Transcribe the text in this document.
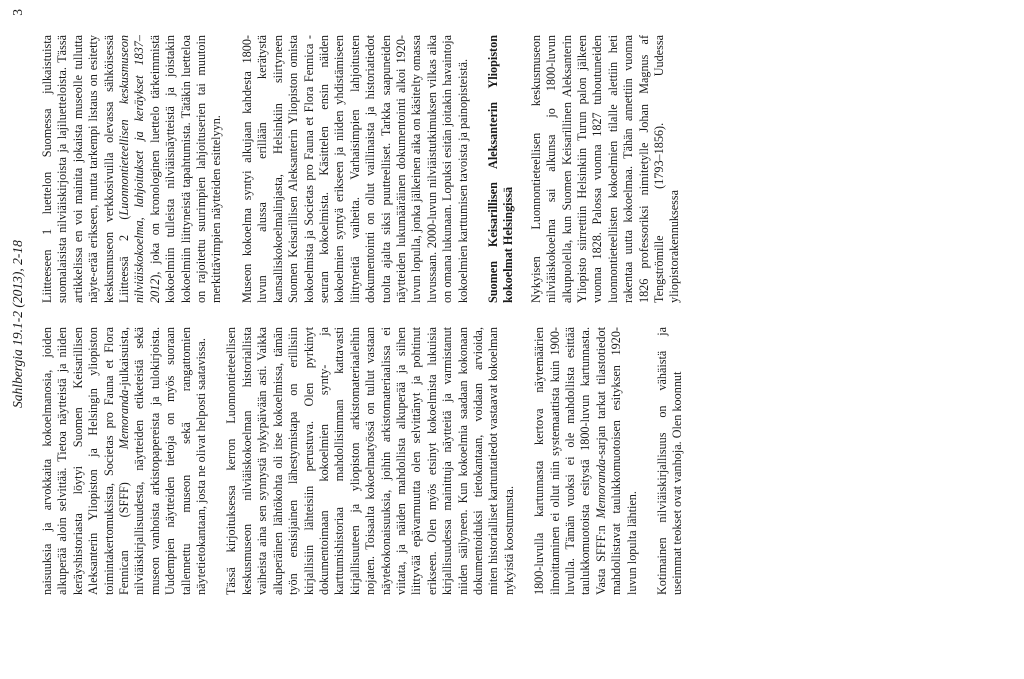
Sahlbergia 19.1-2 (2013), 2-18
3

naisuuksia ja arvokkaita kokoelmanosia, joiden alkuperää aloin selvittää. Tietoa näytteistä ja niiden keräyshistoriasta löytyi Suomen Keisarillisen Aleksanterin Yliopiston ja Helsingin yliopiston toimintakertomuksista, Societas pro Fauna et Flora Fennican (SFFF) Memoranda-julkaisuista, nilviäiskirjallisuudesta, näytteiden etiketeistä sekä museon vanhoista arkistopapereista ja tulokirjoista. Uudempien näytteiden tietoja on myös suoraan tallennettu museon sekä rangattomien näytetietokantaan, josta ne olivat helposti saatavissa. Tässä kirjoituksessa kerron Luonnontieteellisen keskusmuseon nilviäiskokoelman historiallista vaiheista aina sen synnystä nykypäivään asti. Vaikka alkuperäinen lähtökohta oli itse kokoelmissa, tämän työn ensisijainen lähestymistapa on erillisiin kirjallisiin lähteisiin perustuva. Olen pyrkinyt dokumentoimaan kokoelmien synty- ja karttumishistoriaa mahdollisimman kattavasti kirjallisuuteen ja yliopiston arkistomateriaaleihin nojaten. Toisaalta kokoelmatyössä on tullut vastaan näytekokonaisuuksia, joihin arkistomateriaalissa ei viitata, ja näiden mahdollista alkuperää ja siihen liittyvää epävarmuutta olen selvittänyt ja pohtinut erikseen. Olen myös etsinyt kokoelmista lukuisia kirjallisuudessa mainittuja näytteitä ja varmistanut niiden säilyneen. Kun kokoelmia saadaan kokonaan dokumentoiduksi tietokantaan, voidaan arvioida, miten historialliset kartuntatiedot vastaavat kokoelman nykyistä koostumusta. 1800-luvulla kartunnasta kertova näytemäärien ilmoittaminen ei ollut niin systemaattista kuin 1900-luvulla. Tämän vuoksi ei ole mahdollista esittää taulukkomuotoista esitystä 1800-luvun kartunnasta. Vasta SFFF:n Memoranda-sarjan tarkat tilastotiedot mahdollistavat taulukkomuotoisen esityksen 1920-luvun lopulta lähtien. Kotimainen nilviäiskirjallisuus on vähäistä ja useimmat teokset ovat vanhoja. Olen koonnut

Liitteeseen 1 luettelon Suomessa julkaistuista suomalaisista nilviäiskirjoista ja lajiluetteloista. Tässä artikkelissa en voi mainita jokaista museolle tullutta näyte-erää erikseen, mutta tarkempi listaus on esitetty keskusmuseon verkkosivuilla olevassa sähköisessä Liitteessä 2 (Luonnontieteellisen keskusmuseon nilviäiskokoelma, lahjoitukset ja keräykset 1837–2012), joka on kronologinen luettelo tärkeimmistä kokoelmiin tulleista nilviäisnäytteistä ja joistakin kokoelmiin liittyneistä tapahtumista. Tätäkin luetteloa on rajoitettu suurimpien lahjoituserien tai muutoin merkittävimpien näytteiden esittelyyn. Museon kokoelma syntyi alkujaan kahdesta 1800-luvun alussa erillään kerätystä kansalliskokoelmalinjasta, Helsinkiin siirtyneen Suomen Keisarillisen Aleksanterin Yliopiston omista kokoelmista ja Societas pro Fauna et Flora Fennica -seuran kokoelmista. Käsittelen ensin näiden kokoelmien syntyä erikseen ja niiden yhdistämiseen liittyneitä vaiheita. Varhaisimpien lahjoitusten dokumentointi on ollut vaillinaista ja historiatiedot tuolta ajalta siksi puutteelliset. Tarkka saapuneiden näytteiden lukumääräinen dokumentointi alkoi 1920-luvun lopulla, jonka jälkeinen aika on käsitelty omassa luvussaan. 2000-luvun nilviäistutkimuksen vilkas aika on omana lukunaan. Lopuksi esitän joitakin havaintoja kokoelmien karttumisen tavoista ja painopisteistä. Suomen Keisarillisen Aleksanterin Yliopiston kokoelmat Helsingissä Nykyisen Luonnontieteellisen keskusmuseon nilviäiskokoelma sai alkunsa jo 1800-luvun alkupuolella, kun Suomen Keisarillinen Aleksanterin Yliopisto siirrettiin Helsinkiin Turun palon jälkeen vuonna 1828. Palossa vuonna 1827 tuhoutuneiden luonnontieteellisten kokoelmien tilalle alettiin heti rakentaa uutta kokoelmaa. Tähän annettiin vuonna 1826 professoriksi nimitetylle Johan Magnus af Tengströmille (1793–1856). Uudessa yliopistorakennuksessa
